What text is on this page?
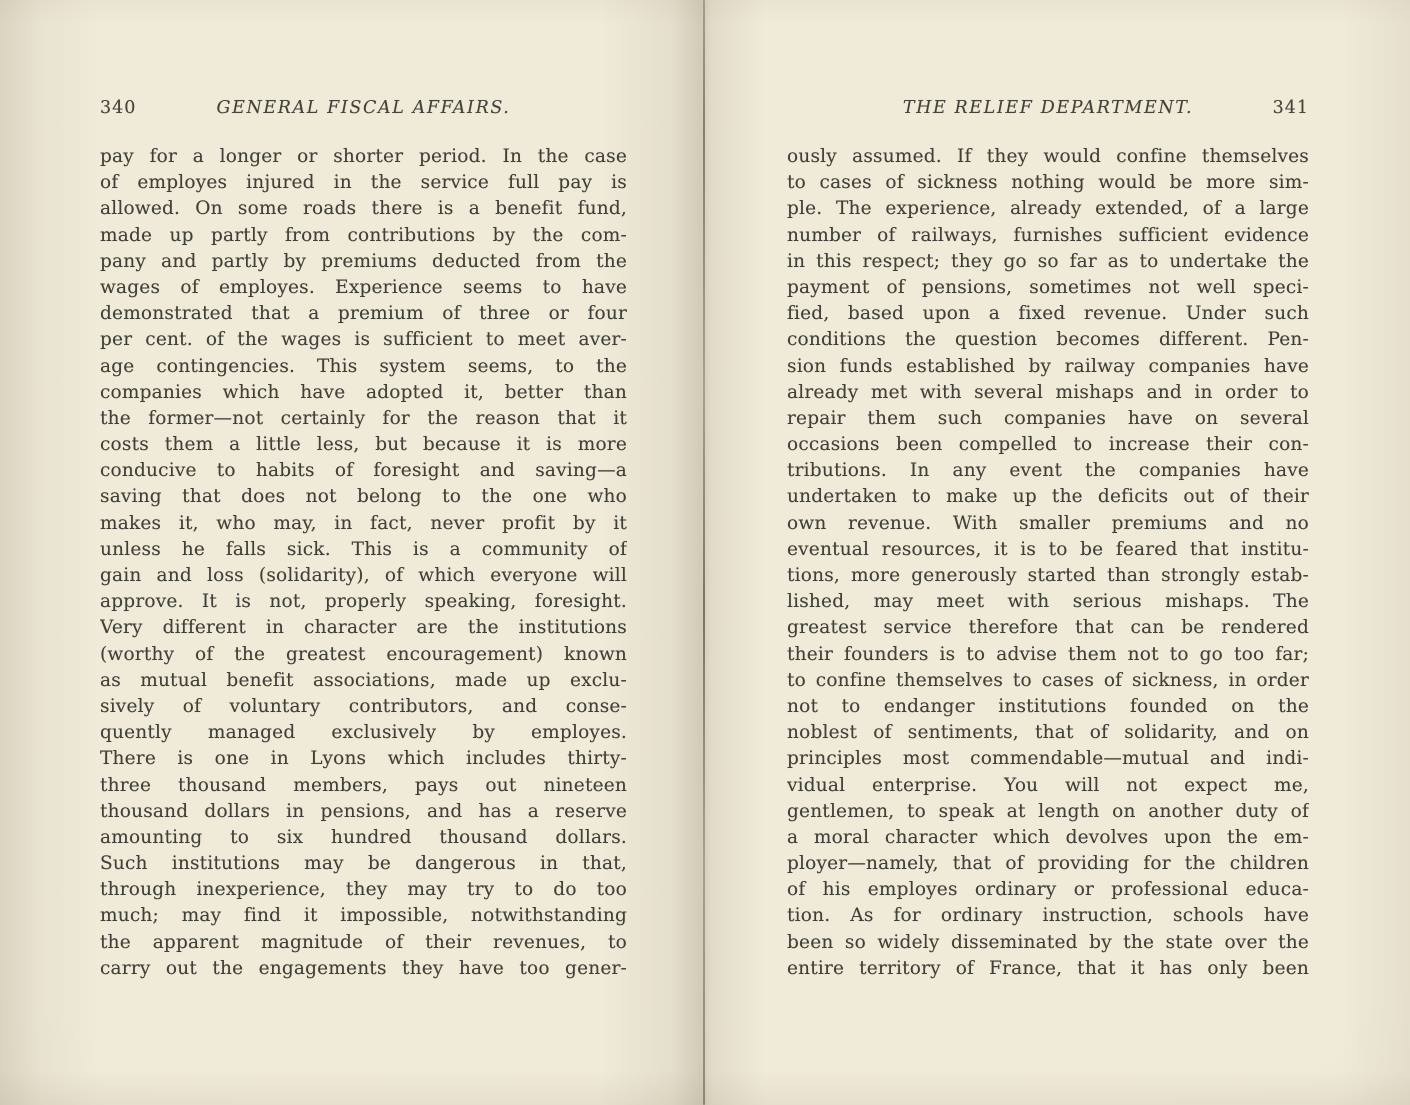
340	GENERAL FISCAL AFFAIRS.
pay for a longer or shorter period. In the case
of employes injured in the service full pay is
allowed. On some roads there is a benefit fund,
made up partly from contributions by the com-
pany and partly by premiums deducted from the
wages of employes. Experience seems to have
demonstrated that a premium of three or four
per cent. of the wages is sufficient to meet aver-
age contingencies. This system seems, to the
companies which have adopted it, better than
the former—not certainly for the reason that it
costs them a little less, but because it is more
conducive to habits of foresight and saving—a
saving that does not belong to the one who
makes it, who may, in fact, never profit by it
unless he falls sick. This is a community of
gain and loss (solidarity), of which everyone will
approve. It is not, properly speaking, foresight.
Very different in character are the institutions
(worthy of the greatest encouragement) known
as mutual benefit associations, made up exclu-
sively of voluntary contributors, and conse-
quently managed exclusively by employes.
There is one in Lyons which includes thirty-
three thousand members, pays out nineteen
thousand dollars in pensions, and has a reserve
amounting to six hundred thousand dollars.
Such institutions may be dangerous in that,
through inexperience, they may try to do too
much; may find it impossible, notwithstanding
the apparent magnitude of their revenues, to
carry out the engagements they have too gener-
THE RELIEF DEPARTMENT.	341
ously assumed. If they would confine themselves
to cases of sickness nothing would be more sim-
ple. The experience, already extended, of a large
number of railways, furnishes sufficient evidence
in this respect; they go so far as to undertake the
payment of pensions, sometimes not well speci-
fied, based upon a fixed revenue. Under such
conditions the question becomes different. Pen-
sion funds established by railway companies have
already met with several mishaps and in order to
repair them such companies have on several
occasions been compelled to increase their con-
tributions. In any event the companies have
undertaken to make up the deficits out of their
own revenue. With smaller premiums and no
eventual resources, it is to be feared that institu-
tions, more generously started than strongly estab-
lished, may meet with serious mishaps. The
greatest service therefore that can be rendered
their founders is to advise them not to go too far;
to confine themselves to cases of sickness, in order
not to endanger institutions founded on the
noblest of sentiments, that of solidarity, and on
principles most commendable—mutual and indi-
vidual enterprise. You will not expect me,
gentlemen, to speak at length on another duty of
a moral character which devolves upon the em-
ployer—namely, that of providing for the children
of his employes ordinary or professional educa-
tion. As for ordinary instruction, schools have
been so widely disseminated by the state over the
entire territory of France, that it has only been
